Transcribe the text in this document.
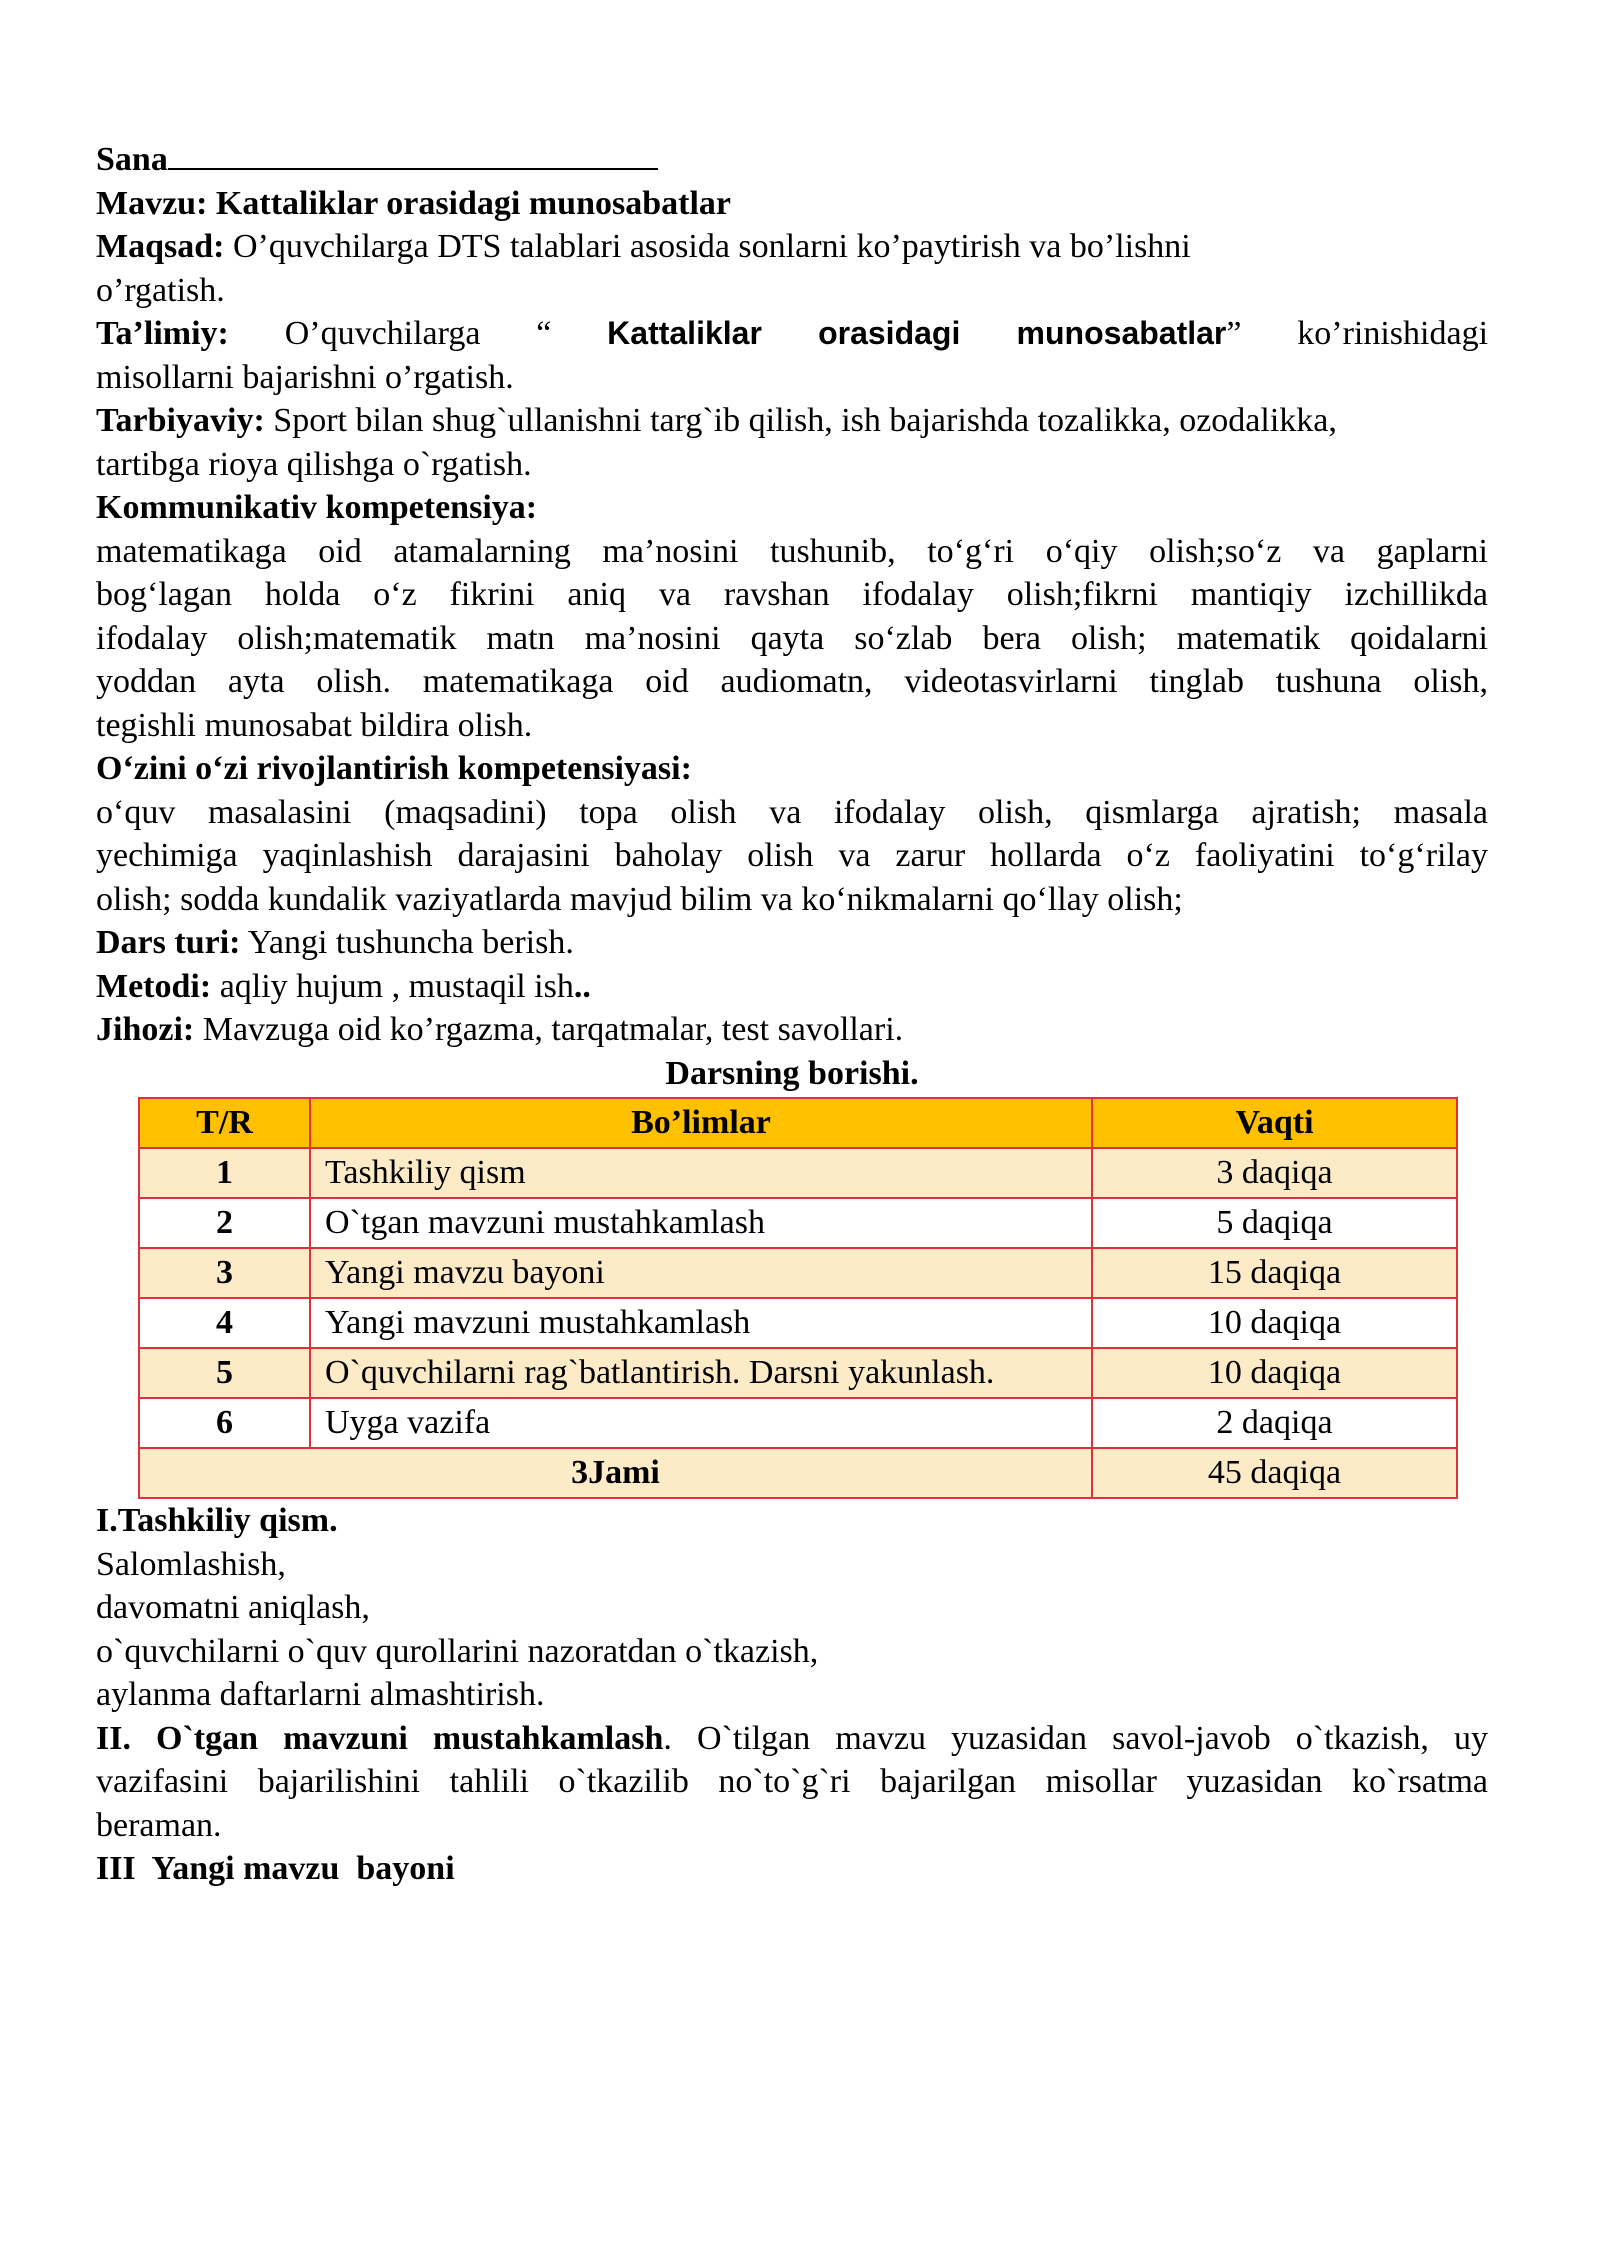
Sana

Mavzu: Kattaliklar orasidagi munosabatlar

Maqsad: O’quvchilarga DTS talablari asosida sonlarni ko’paytirish va bo’lishni

o’rgatish.

Ta’limiy: O’quvchilarga “ Kattaliklar orasidagi munosabatlar” ko’rinishidagi

misollarni bajarishni o’rgatish.

Tarbiyaviy: Sport bilan shug`ullanishni targ`ib qilish, ish bajarishda tozalikka, ozodalikka,

tartibga rioya qilishga o`rgatish.

Kommunikativ kompetensiya:

matematikaga oid atamalarning ma’nosini tushunib, to‘g‘ri o‘qiy olish;so‘z va gaplarni

bog‘lagan holda o‘z fikrini aniq va ravshan ifodalay olish;fikrni mantiqiy izchillikda

ifodalay olish;matematik matn ma’nosini qayta so‘zlab bera olish; matematik qoidalarni

yoddan ayta olish. matematikaga oid audiomatn, videotasvirlarni tinglab tushuna olish,

tegishli munosabat bildira olish.

O‘zini o‘zi rivojlantirish kompetensiyasi:

o‘quv masalasini (maqsadini) topa olish va ifodalay olish, qismlarga ajratish; masala

yechimiga yaqinlashish darajasini baholay olish va zarur hollarda o‘z faoliyatini to‘g‘rilay

olish; sodda kundalik vaziyatlarda mavjud bilim va ko‘nikmalarni qo‘llay olish;

Dars turi: Yangi tushuncha berish.

Metodi: aqliy hujum , mustaqil ish..

Jihozi: Mavzuga oid ko’rgazma, tarqatmalar, test savollari.

Darsning borishi.

T/R	Bo’limlar	Vaqti
1	Tashkiliy qism	3 daqiqa
2	O`tgan mavzuni mustahkamlash	5 daqiqa
3	Yangi mavzu bayoni	15 daqiqa
4	Yangi mavzuni mustahkamlash	10 daqiqa
5	O`quvchilarni rag`batlantirish. Darsni yakunlash.	10 daqiqa
6	Uyga vazifa	2 daqiqa
3Jami		45 daqiqa

I.Tashkiliy qism.

Salomlashish,

davomatni aniqlash,

o`quvchilarni o`quv qurollarini nazoratdan o`tkazish,

aylanma daftarlarni almashtirish.

II. O`tgan mavzuni mustahkamlash. O`tilgan mavzu yuzasidan savol-javob o`tkazish, uy

vazifasini bajarilishini tahlili o`tkazilib no`to`g`ri bajarilgan misollar yuzasidan ko`rsatma

beraman.

III  Yangi mavzu  bayoni
